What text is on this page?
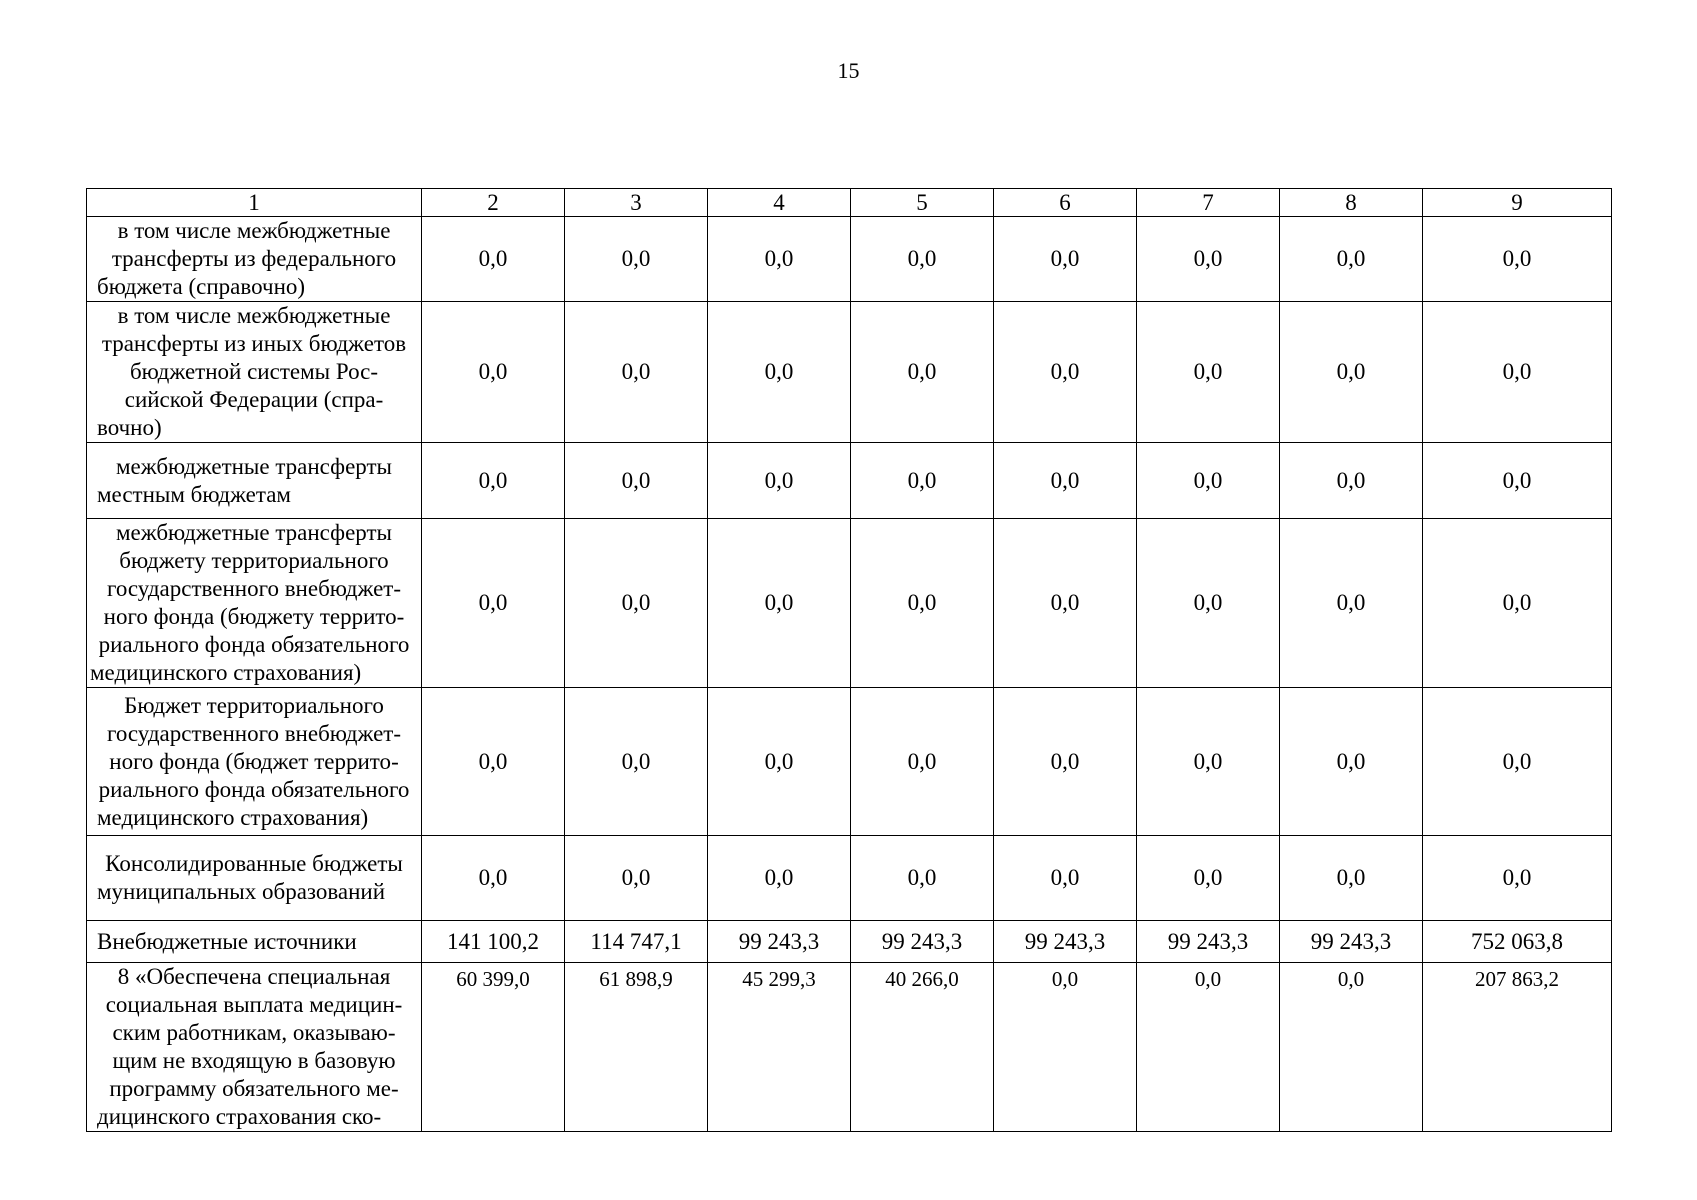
15
1	2	3	4	5	6	7	8	9
в том числе межбюджетные трансферты из федерального бюджета (справочно)	0,0	0,0	0,0	0,0	0,0	0,0	0,0	0,0
в том числе межбюджетные трансферты из иных бюджетов бюджетной системы Российской Федерации (справочно)	0,0	0,0	0,0	0,0	0,0	0,0	0,0	0,0
межбюджетные трансферты местным бюджетам	0,0	0,0	0,0	0,0	0,0	0,0	0,0	0,0
межбюджетные трансферты бюджету территориального государственного внебюджетного фонда (бюджету территориального фонда обязательного медицинского страхования)	0,0	0,0	0,0	0,0	0,0	0,0	0,0	0,0
Бюджет территориального государственного внебюджетного фонда (бюджет территориального фонда обязательного медицинского страхования)	0,0	0,0	0,0	0,0	0,0	0,0	0,0	0,0
Консолидированные бюджеты муниципальных образований	0,0	0,0	0,0	0,0	0,0	0,0	0,0	0,0
Внебюджетные источники	141 100,2	114 747,1	99 243,3	99 243,3	99 243,3	99 243,3	99 243,3	752 063,8
8 «Обеспечена специальная социальная выплата медицинским работникам, оказывающим не входящую в базовую программу обязательного медицинского страхования ско-	60 399,0	61 898,9	45 299,3	40 266,0	0,0	0,0	0,0	207 863,2
